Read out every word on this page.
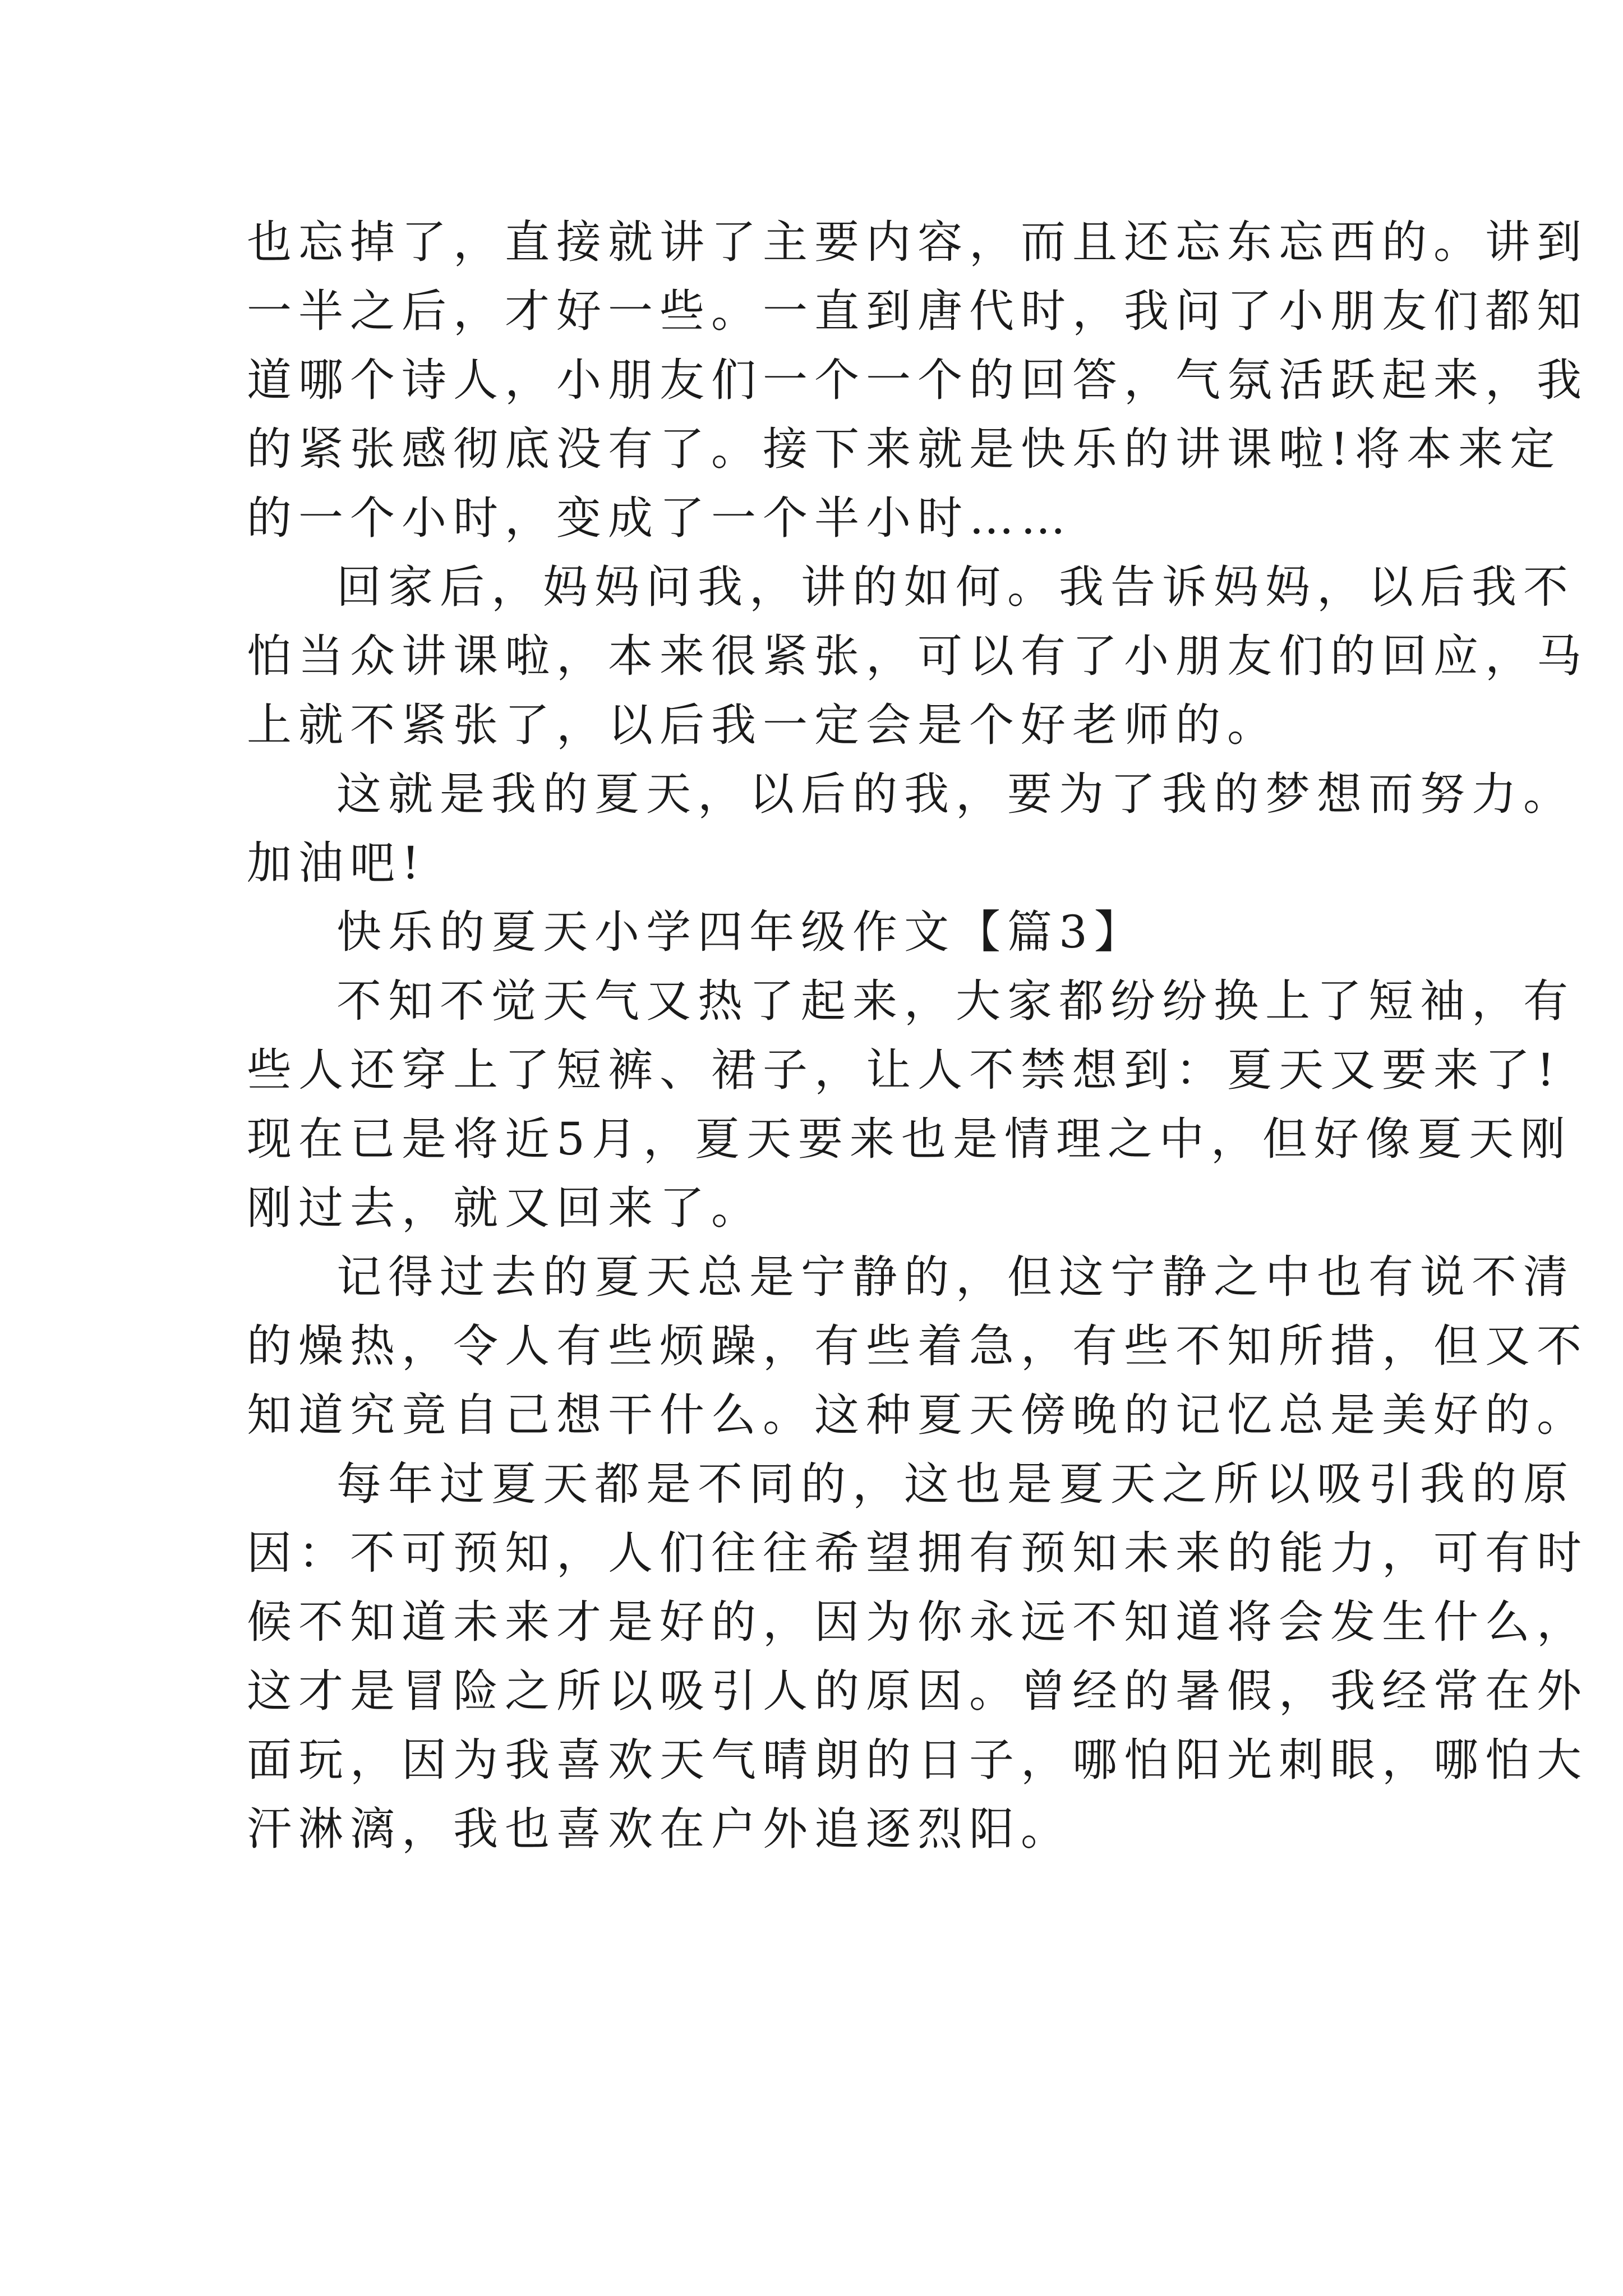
也忘掉了，直接就讲了主要内容，而且还忘东忘西的。讲到
一半之后，才好一些。一直到唐代时，我问了小朋友们都知
道哪个诗人，小朋友们一个一个的回答，气氛活跃起来，我
的紧张感彻底没有了。接下来就是快乐的讲课啦!将本来定
的一个小时，变成了一个半小时……
回家后，妈妈问我，讲的如何。我告诉妈妈，以后我不
怕当众讲课啦，本来很紧张，可以有了小朋友们的回应，马
上就不紧张了，以后我一定会是个好老师的。
这就是我的夏天，以后的我，要为了我的梦想而努力。
加油吧!
快乐的夏天小学四年级作文【篇3】
不知不觉天气又热了起来，大家都纷纷换上了短袖，有
些人还穿上了短裤、裙子，让人不禁想到：夏天又要来了!
现在已是将近5月，夏天要来也是情理之中，但好像夏天刚
刚过去，就又回来了。
记得过去的夏天总是宁静的，但这宁静之中也有说不清
的燥热，令人有些烦躁，有些着急，有些不知所措，但又不
知道究竟自己想干什么。这种夏天傍晚的记忆总是美好的。
每年过夏天都是不同的，这也是夏天之所以吸引我的原
因：不可预知，人们往往希望拥有预知未来的能力，可有时
候不知道未来才是好的，因为你永远不知道将会发生什么，
这才是冒险之所以吸引人的原因。曾经的暑假，我经常在外
面玩，因为我喜欢天气晴朗的日子，哪怕阳光刺眼，哪怕大
汗淋漓，我也喜欢在户外追逐烈阳。
